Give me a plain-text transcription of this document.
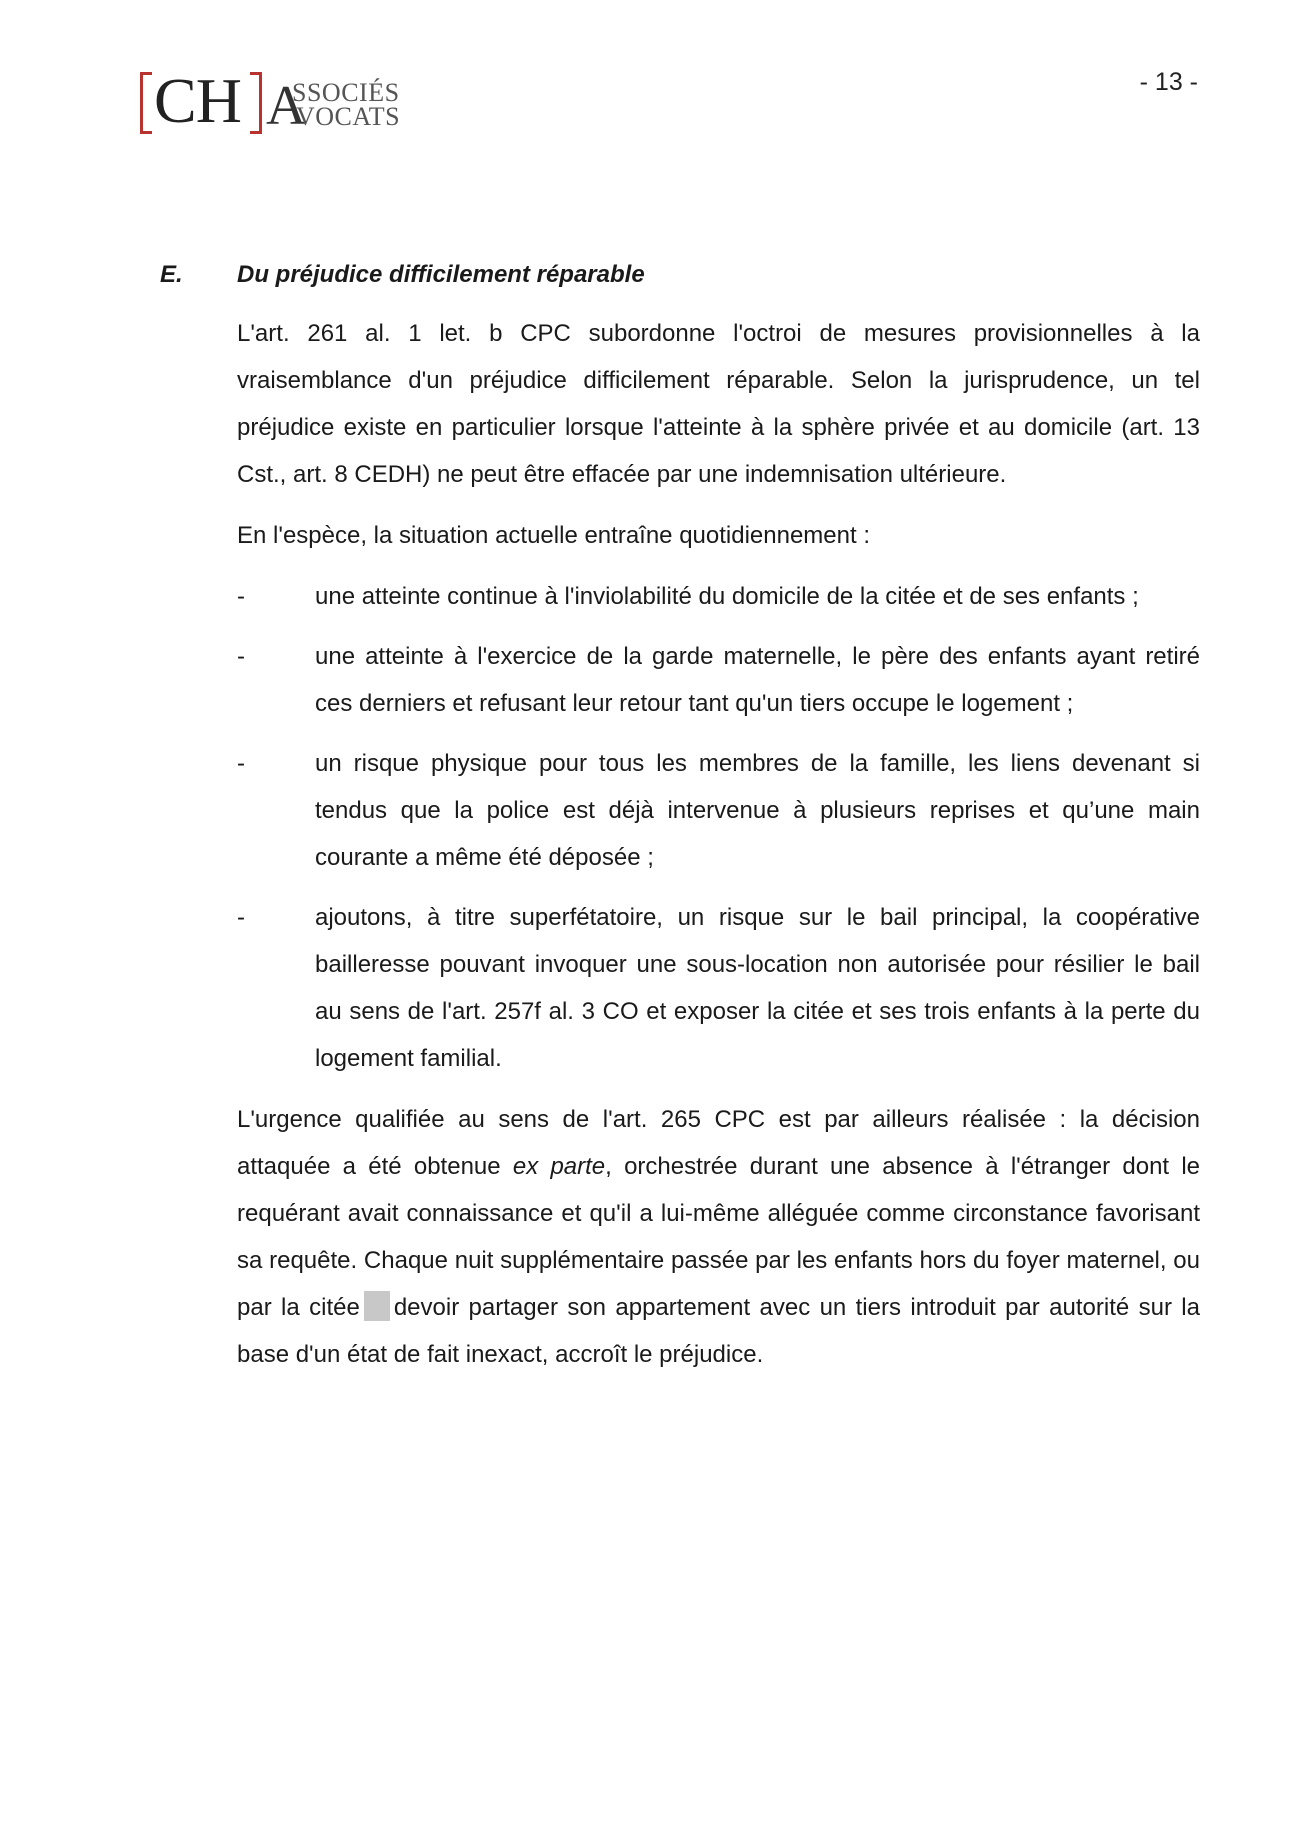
CH A
SSOCIÉS
VOCATS
- 13 -
E.	Du préjudice difficilement réparable

L'art. 261 al. 1 let. b CPC subordonne l'octroi de mesures provisionnelles à la vraisemblance d'un préjudice difficilement réparable. Selon la jurisprudence, un tel préjudice existe en particulier lorsque l'atteinte à la sphère privée et au domicile (art. 13 Cst., art. 8 CEDH) ne peut être effacée par une indemnisation ultérieure.

En l'espèce, la situation actuelle entraîne quotidiennement :

-	une atteinte continue à l'inviolabilité du domicile de la citée et de ses enfants ;
-	une atteinte à l'exercice de la garde maternelle, le père des enfants ayant retiré ces derniers et refusant leur retour tant qu'un tiers occupe le logement ;
-	un risque physique pour tous les membres de la famille, les liens devenant si tendus que la police est déjà intervenue à plusieurs reprises et qu’une main courante a même été déposée ;
-	ajoutons, à titre superfétatoire, un risque sur le bail principal, la coopérative bailleresse pouvant invoquer une sous-location non autorisée pour résilier le bail au sens de l'art. 257f al. 3 CO et exposer la citée et ses trois enfants à la perte du logement familial.

L'urgence qualifiée au sens de l'art. 265 CPC est par ailleurs réalisée : la décision attaquée a été obtenue ex parte, orchestrée durant une absence à l'étranger dont le requérant avait connaissance et qu'il a lui-même alléguée comme circonstance favorisant sa requête. Chaque nuit supplémentaire passée par les enfants hors du foyer maternel, ou par la citée devoir partager son appartement avec un tiers introduit par autorité sur la base d'un état de fait inexact, accroît le préjudice.
